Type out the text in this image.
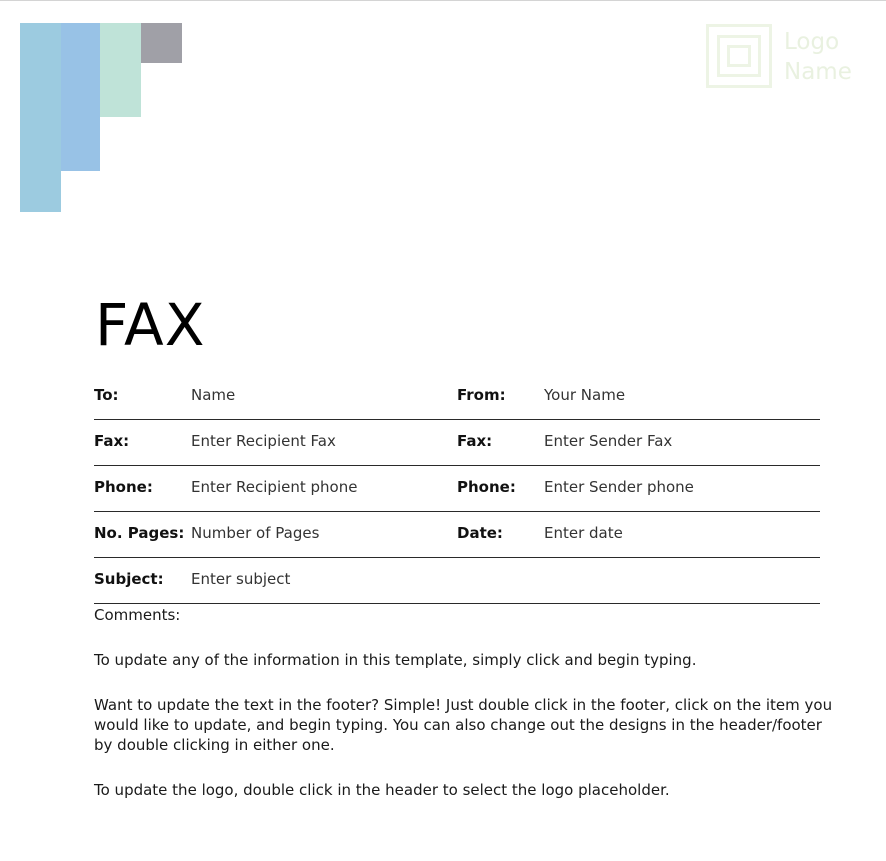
Logo
Name
FAX
To:	Name	From:	Your Name
Fax:	Enter Recipient Fax	Fax:	Enter Sender Fax
Phone:	Enter Recipient phone	Phone: Enter Sender phone
No. Pages: Number of Pages	Date:	Enter date
Subject: Enter subject

Comments:

To update any of the information in this template, simply click and begin typing.

Want to update the text in the footer? Simple! Just double click in the footer, click on the item you would like to update, and begin typing. You can also change out the designs in the header/footer by double clicking in either one.

To update the logo, double click in the header to select the logo placeholder.
